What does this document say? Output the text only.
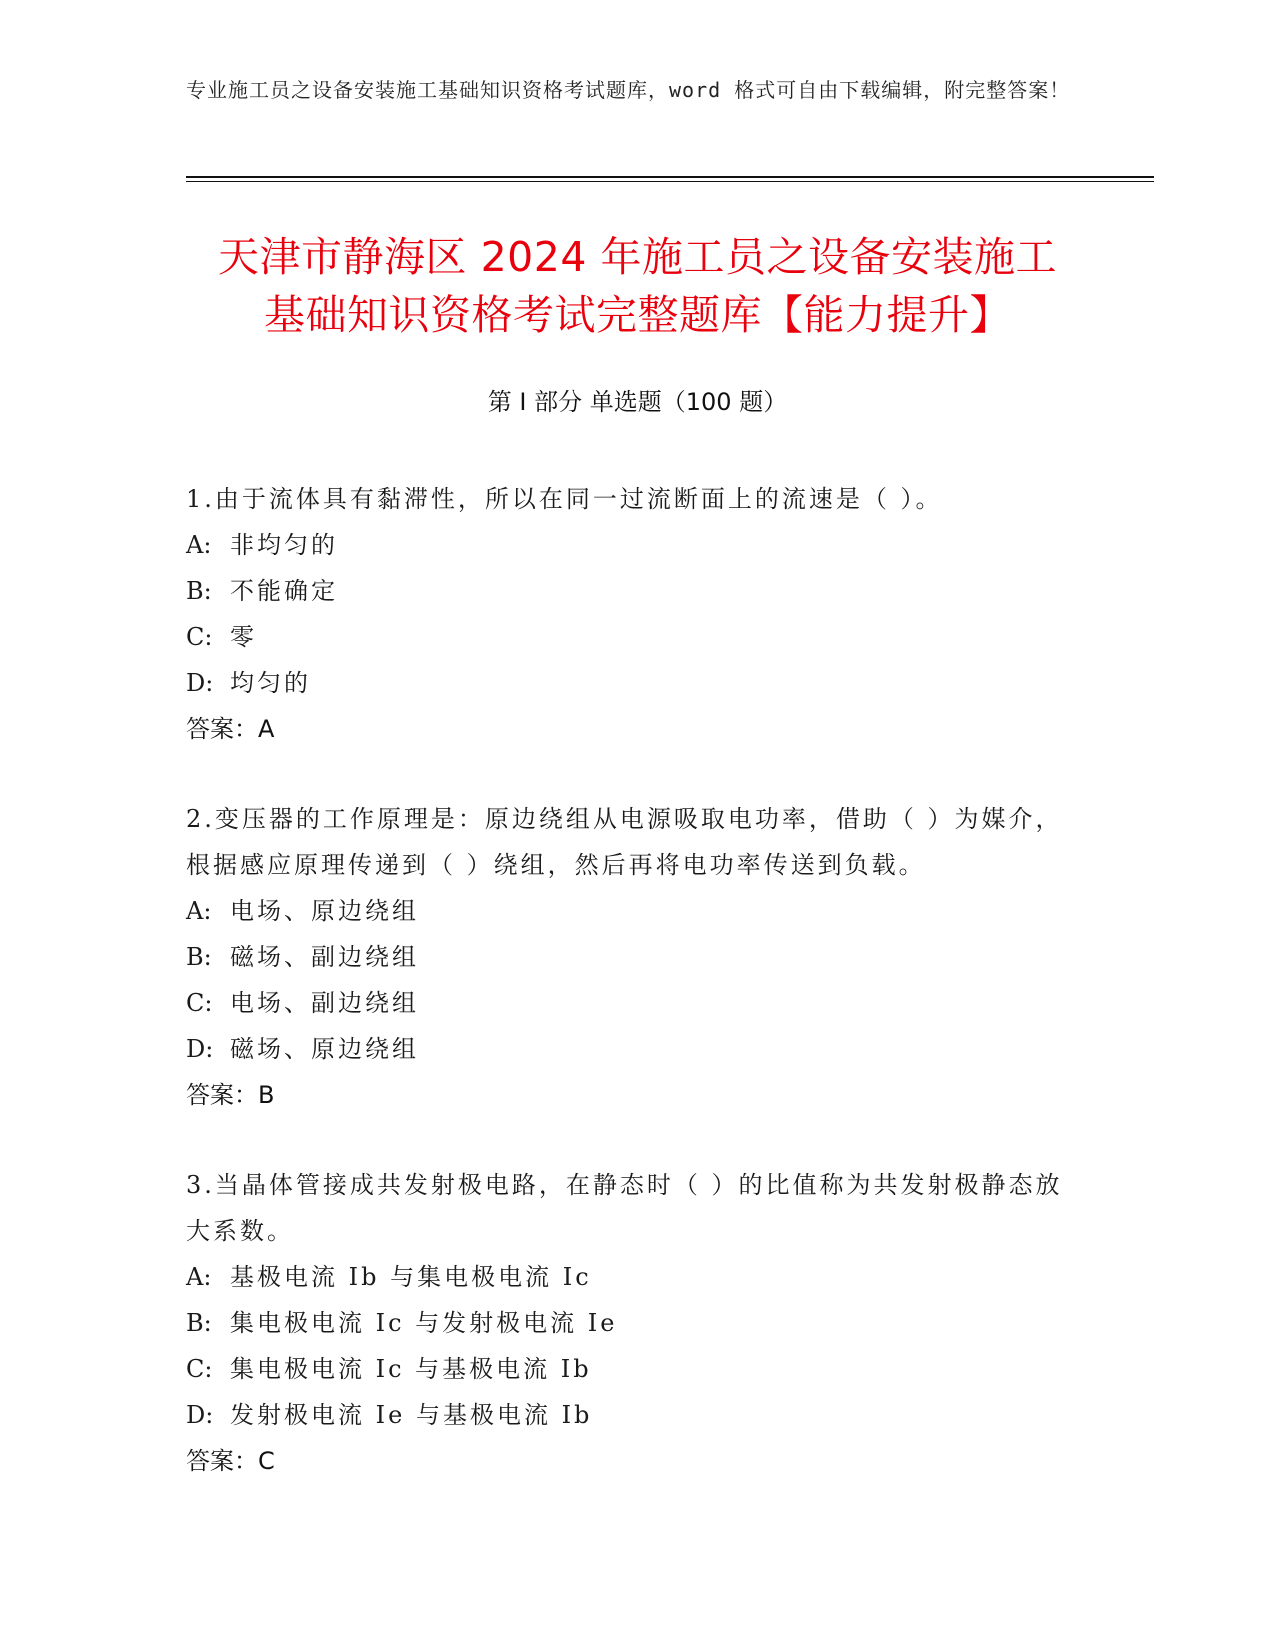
专业施工员之设备安装施工基础知识资格考试题库，word 格式可自由下载编辑，附完整答案！
天津市静海区 2024 年施工员之设备安装施工
基础知识资格考试完整题库【能力提升】
第 I 部分 单选题（100 题）

1.由于流体具有黏滞性，所以在同一过流断面上的流速是（ ）。

A: 非均匀的

B: 不能确定

C: 零

D: 均匀的

答案：A

2.变压器的工作原理是：原边绕组从电源吸取电功率，借助（ ）为媒介，根据感应原理传递到（ ）绕组，然后再将电功率传送到负载。

A: 电场、原边绕组

B: 磁场、副边绕组

C: 电场、副边绕组

D: 磁场、原边绕组

答案：B

3.当晶体管接成共发射极电路，在静态时（ ）的比值称为共发射极静态放大系数。

A: 基极电流 Ib 与集电极电流 Ic

B: 集电极电流 Ic 与发射极电流 Ie

C: 集电极电流 Ic 与基极电流 Ib

D: 发射极电流 Ie 与基极电流 Ib

答案：C
